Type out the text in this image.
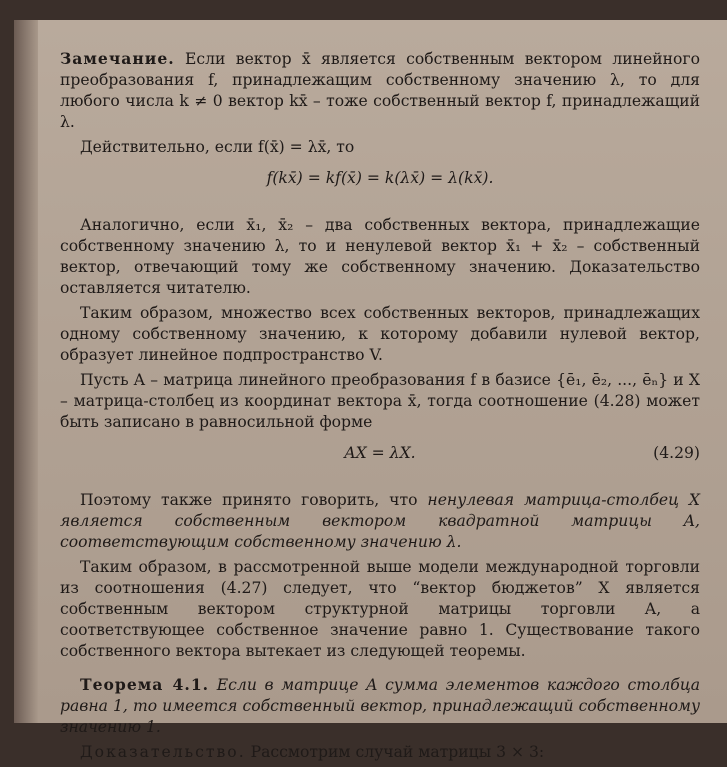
Замечание. Если вектор x̄ является собственным вектором линейного преобразования f, принадлежащим собственному значению λ, то для любого числа k ≠ 0 вектор kx̄ – тоже собственный вектор f, принадлежащий λ.

Действительно, если f(x̄) = λx̄, то

f(kx̄) = kf(x̄) = k(λx̄) = λ(kx̄).

Аналогично, если x̄₁, x̄₂ – два собственных вектора, принадлежащие собственному значению λ, то и ненулевой вектор x̄₁ + x̄₂ – собственный вектор, отвечающий тому же собственному значению. Доказательство оставляется читателю.

Таким образом, множество всех собственных векторов, принадлежащих одному собственному значению, к которому добавили нулевой вектор, образует линейное подпространство V.

Пусть A – матрица линейного преобразования f в базисе {ē₁, ē₂, ..., ēₙ} и X – матрица-столбец из координат вектора x̄, тогда соотношение (4.28) может быть записано в равносильной форме

AX = λX.	(4.29)

Поэтому также принято говорить, что ненулевая матрица-столбец X является собственным вектором квадратной матрицы A, соответствующим собственному значению λ.

Таким образом, в рассмотренной выше модели международной торговли из соотношения (4.27) следует, что “вектор бюджетов” X является собственным вектором структурной матрицы торговли A, а соответствующее собственное значение равно 1. Существование такого собственного вектора вытекает из следующей теоремы.

Теорема 4.1. Если в матрице A сумма элементов каждого столбца равна 1, то имеется собственный вектор, принадлежащий собственному значению 1.

Доказательство. Рассмотрим случай матрицы 3 × 3:
